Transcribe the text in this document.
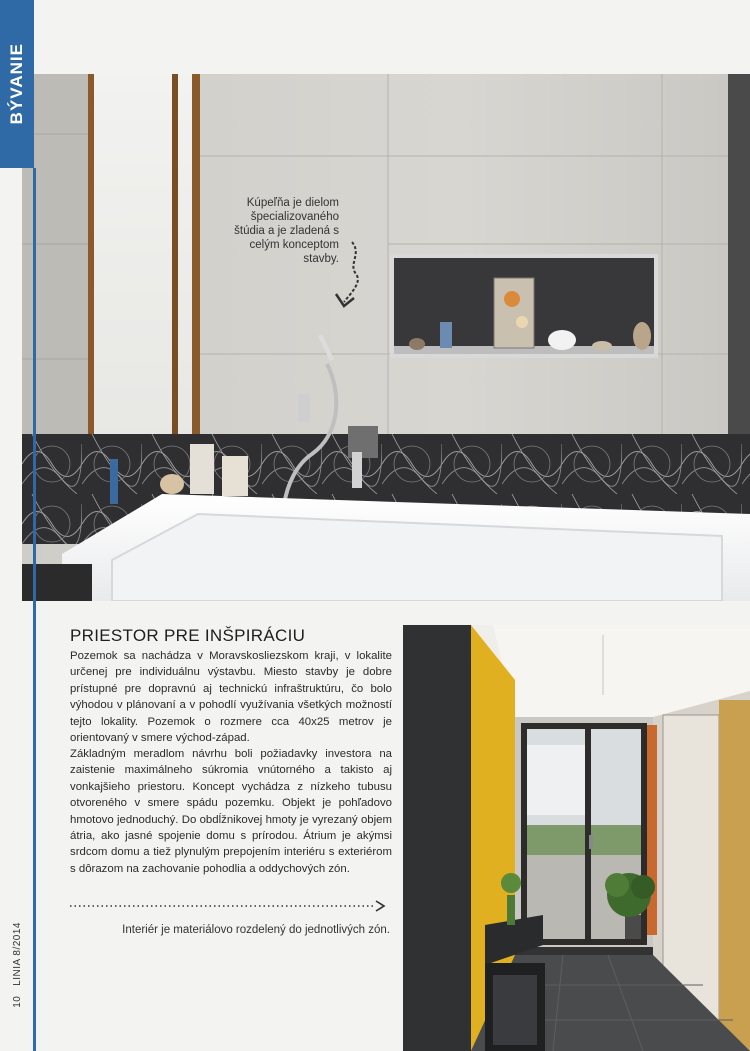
Kúpeľňa je dielom špecializovaného štúdia a je zladená s celým konceptom stavby.
BÝVANIE
PRIESTOR PRE INŠPIRÁCIU

Pozemok sa nachádza v Moravskosliezskom kraji, v lokalite určenej pre individuálnu výstavbu. Miesto stavby je dobre prístupné pre dopravnú aj technickú infraštruktúru, čo bolo výhodou v plánovaní a v pohodlí využívania všetkých možností tejto lokality. Pozemok o rozmere cca 40x25 metrov je orientovaný v smere východ-západ.

Základným meradlom návrhu boli požiadavky investora na zaistenie maximálneho súkromia vnútorného a takisto aj vonkajšieho priestoru. Koncept vychádza z nízkeho tubusu otvoreného v smere spádu pozemku. Objekt je pohľadovo hmotovo jednoduchý. Do obdĺžnikovej hmoty je vyrezaný objem átria, ako jasné spojenie domu s prírodou. Átrium je akýmsi srdcom domu a tiež plynulým prepojením interiéru s exteriérom s dôrazom na zachovanie pohodlia a oddychových zón.

Interiér je materiálovo rozdelený do jednotlivých zón.

10   LINIA 8/2014
